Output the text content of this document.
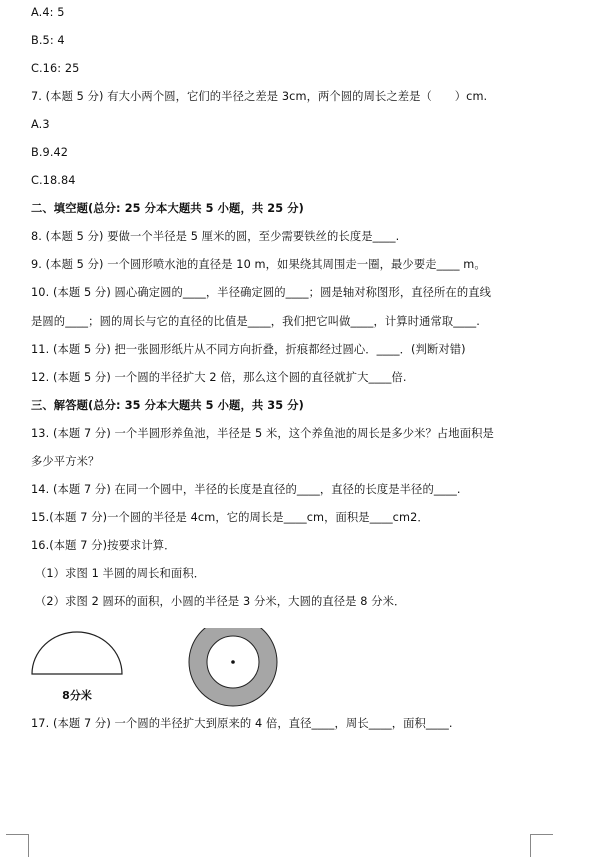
A.4: 5
B.5: 4
C.16: 25
7. (本题 5 分) 有大小两个圆，它们的半径之差是 3cm，两个圆的周长之差是（　　）cm.
A.3
B.9.42
C.18.84
二、填空题(总分: 25 分本大题共 5 小题，共 25 分)
8. (本题 5 分) 要做一个半径是 5 厘米的圆，至少需要铁丝的长度是____.
9. (本题 5 分) 一个圆形喷水池的直径是 10 m，如果绕其周围走一圈，最少要走____ m。
10. (本题 5 分) 圆心确定圆的____，半径确定圆的____；圆是轴对称图形，直径所在的直线
是圆的____；圆的周长与它的直径的比值是____，我们把它叫做____，计算时通常取____.
11. (本题 5 分) 把一张圆形纸片从不同方向折叠，折痕都经过圆心．____．(判断对错)
12. (本题 5 分) 一个圆的半径扩大 2 倍，那么这个圆的直径就扩大____倍.
三、解答题(总分: 35 分本大题共 5 小题，共 35 分)
13. (本题 7 分) 一个半圆形养鱼池，半径是 5 米，这个养鱼池的周长是多少米？占地面积是
多少平方米？
14. (本题 7 分) 在同一个圆中，半径的长度是直径的____，直径的长度是半径的____.
15.(本题 7 分)一个圆的半径是 4cm，它的周长是____cm，面积是____cm2．
16.(本题 7 分)按要求计算．
（1）求图 1 半圆的周长和面积．
（2）求图 2 圆环的面积，小圆的半径是 3 分米，大圆的直径是 8 分米．
8分米
17. (本题 7 分) 一个圆的半径扩大到原来的 4 倍，直径____，周长____，面积____.
